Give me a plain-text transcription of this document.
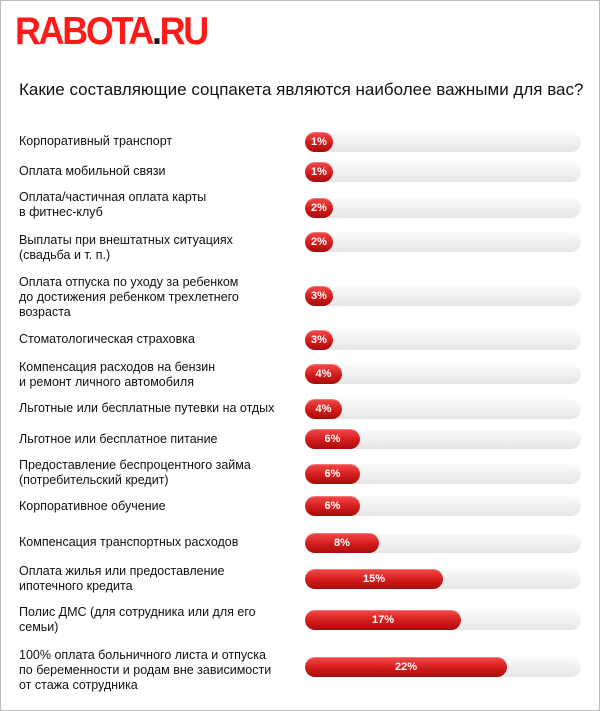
RABOTA.RU
Какие составляющие соцпакета являются наиболее важными для вас?
Корпоративный транспорт	1%
Оплата мобильной связи	1%
Оплата/частичная оплата карты
в фитнес-клуб	2%
Выплаты при внештатных ситуациях
(свадьба и т. п.)
2%
Оплата отпуска по уходу за ребенком
до достижения ребенком трехлетнего
возраста
3%
Стоматологическая страховка	3%
Компенсация расходов на бензин
и ремонт личного автомобиля
4%
Льготные или бесплатные путевки на отдых	4%
Льготное или бесплатное питание	6%
Предоставление беспроцентного займа
(потребительский кредит)	6%
Корпоративное обучение	6%
Компенсация транспортных расходов	8%
Оплата жилья или предоставление
ипотечного кредита	15%
Полис ДМС (для сотрудника или для его
семьи)	17%
100% оплата больничного листа и отпуска
по беременности и родам вне зависимости
от стажа сотрудника
22%
